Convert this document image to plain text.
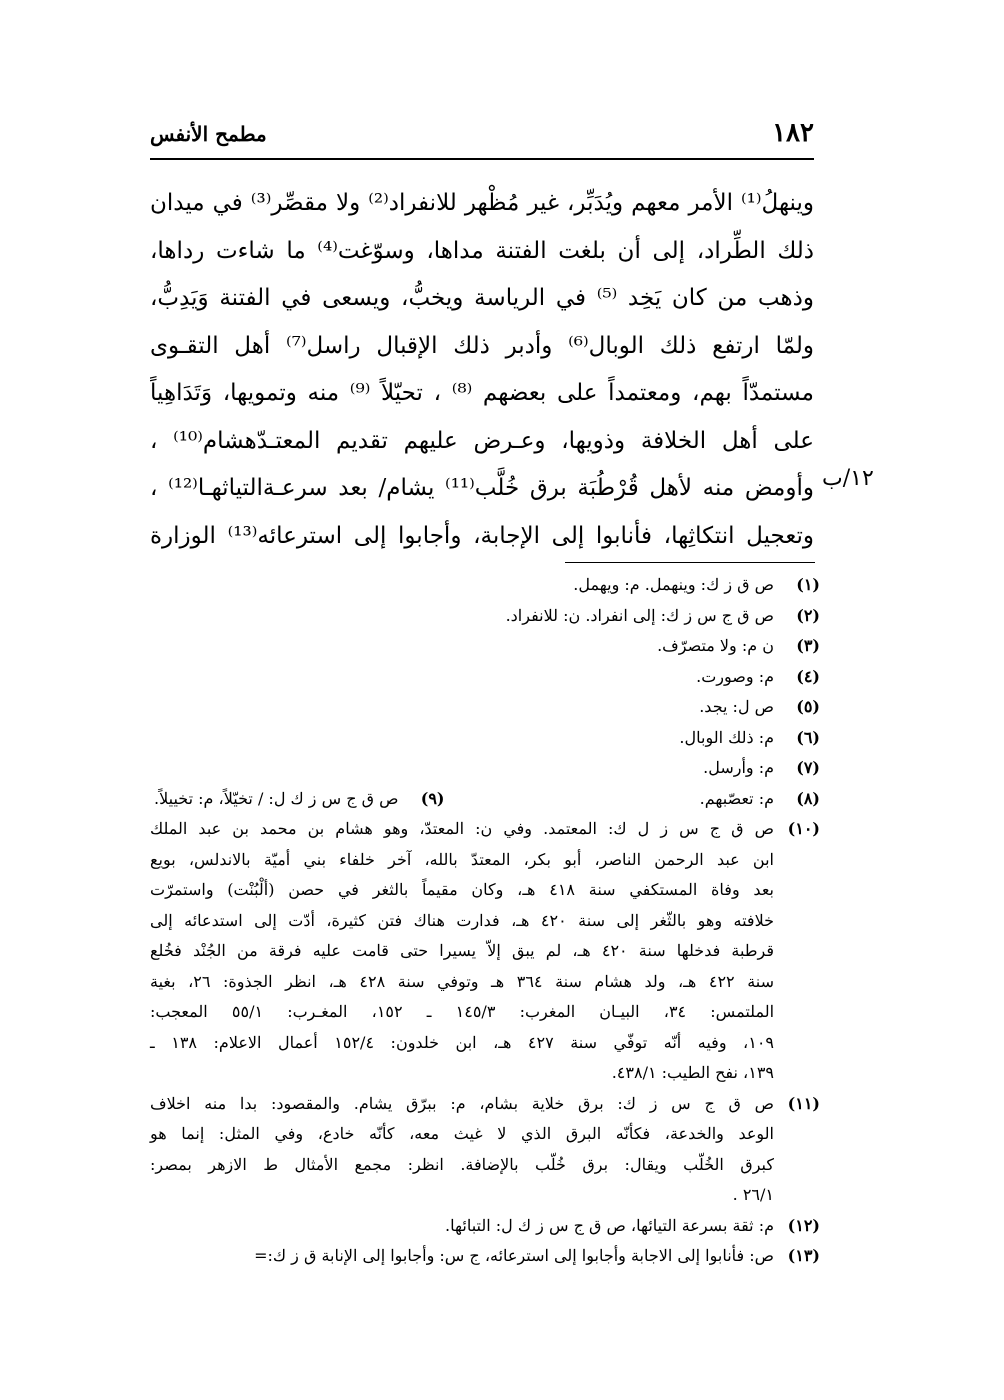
١٨٢
مطمح الأنفس
١٢/ب
وينهلُ⁽¹⁾ الأمر معهم ويُدَبِّر، غير مُظْهر للانفراد⁽²⁾ ولا مقصِّر⁽³⁾ في ميدان
ذلك الطِّراد، إلى أن بلغت الفتنة مداها، وسوّغت⁽⁴⁾ ما شاءت رداها،
وذهب من كان يَخِد ⁽⁵⁾ في الرياسة ويخبُّ، ويسعى في الفتنة وَيَدِبُّ،
ولمّا ارتفع ذلك الوبال⁽⁶⁾ وأدبر ذلك الإقبال راسل⁽⁷⁾ أهل التقـوى
مستمدّاً بهم، ومعتمداً على بعضهم ⁽⁸⁾ ، تحيّلاً ⁽⁹⁾ منه وتمويها، وَتَدَاهِياً
على أهل الخلافة وذويها، وعـرض عليهم تقديم المعتـدّهشام⁽¹⁰⁾ ،
وأومض منه لأهل قُرْطُبَة برق خُلَّب⁽¹¹⁾ يشام/ بعد سرعـةالتياثهـا⁽¹²⁾ ،
وتعجيل انتكاثِها، فأنابوا إلى الإجابة، وأجابوا إلى استرعائه⁽¹³⁾ الوزارة
(١)
ص ق ز ك: وينهمل. م: ويهمل.
(٢)
ص ق ج س ز ك: إلى انفراد. ن: للانفراد.
(٣)
ن م: ولا متصرّف.
(٤)
م: وصورت.
(٥)
ص ل: يجد.
(٦)
م: ذلك الوبال.
(٧)
م: وأرسل.
(٨)
م: تعصّبهم.
(٩)
ص ق ج س ز ك ل: / تخيّلاً، م: تخييلاً.
(١٠)
ص ق ج س ز ل ك: المعتمد. وفي ن: المعتدّ، وهو هشام بن محمد بن عبد الملك
ابن عبد الرحمن الناصر، أبو بكر، المعتدّ بالله، آخر خلفاء بني أميّة بالاندلس، بويع
بعد وفاة المستكفي سنة ٤١٨ هـ، وكان مقيماً بالثغر في حصن (ألْبُنْت) واستمرّت
خلافته وهو بالثّغر إلى سنة ٤٢٠ هـ، فدارت هناك فتن كثيرة، أدّت إلى استدعائه إلى
قرطبة فدخلها سنة ٤٢٠ هـ، لم يبق إلاّ يسيرا حتى قامت عليه فرقة من الجُنْد فخُلع
سنة ٤٢٢ هـ، ولد هشام سنة ٣٦٤ هـ وتوفي سنة ٤٢٨ هـ، انظر الجذوة: ٢٦، بغية
الملتمس: ٣٤، البيـان المغرب: ١٤٥/٣ ـ ١٥٢، المغـرب: ٥٥/١ المعجب:
١٠٩، وفيه أنّه توفّي سنة ٤٢٧ هـ، ابن خلدون: ١٥٢/٤ أعمال الاعلام: ١٣٨ ـ
١٣٩، نفح الطيب: ٤٣٨/١.
(١١)
ص ق ج س ز ك: برق خلاية بشام، م: ببرّق يشام. والمقصود: بدا منه اخلاف
الوعد والخدعة، فكأنّه البرق الذي لا غيث معه، كأنّه خادع، وفي المثل: إنما هو
كبرق الخُلّب ويقال: برق خُلّب بالإضافة. انظر: مجمع الأمثال ط الازهر بمصر:
٢٦/١ .
(١٢)
م: ثقة بسرعة التيائها، ص ق ج س ز ك ل: التبائها.
(١٣)
ص: فأنابوا إلى الاجابة وأجابوا إلى استرعائه، ج س: وأجابوا إلى الإنابة ق ز ك:=
